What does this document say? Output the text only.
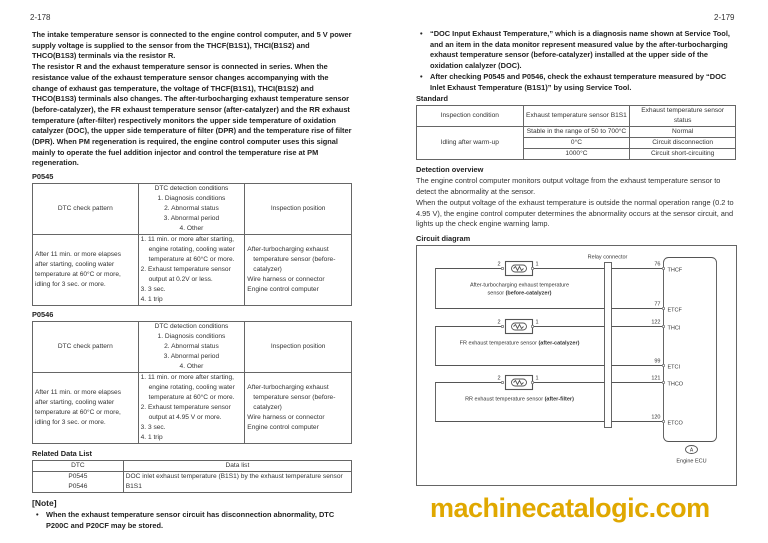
2-178	2-179

The intake temperature sensor is connected to the engine control computer, and 5 V power supply voltage is supplied to the sensor from the THCF(B1S1), THCI(B1S2) and THCO(B1S3) terminals via the resistor R.

The resistor R and the exhaust temperature sensor is connected in series. When the resistance value of the exhaust temperature sensor changes accompanying with the change of exhaust gas temperature, the voltage of THCF(B1S1), THCI(B1S2) and THCO(B1S3) terminals also changes. The after-turbocharging exhaust temperature sensor (before-catalyzer), the FR exhaust temperature sensor (after-catalyzer) and the RR exhaust temperature (after-filter) respectively monitors the upper side temperature of oxidation catalyzer (DOC), the upper side temperature of filter (DPR) and the temperature rise of filter (DPR). When PM regeneration is required, the engine control computer uses this signal mainly to operate the fuel addition injector and control the temperature rise at PM regeneration.

P0545
DTC check pattern	DTC detection conditions
1. Diagnosis conditions
2. Abnormal status
3. Abnormal period
4. Other	Inspection position
After 11 min. or more elapses after starting, cooling water temperature at 60°C or more, idling for 3 sec. or more.	1. 11 min. or more after starting, engine rotating, cooling water temperature at 60°C or more.
2. Exhaust temperature sensor output at 0.2V or less.
3. 3 sec.
4. 1 trip	After-turbocharging exhaust temperature sensor (before-catalyzer)
Wire harness or connector
Engine control computer
P0546
DTC check pattern	DTC detection conditions
1. Diagnosis conditions
2. Abnormal status
3. Abnormal period
4. Other	Inspection position
After 11 min. or more elapses after starting, cooling water temperature at 60°C or more, idling for 3 sec. or more.	1. 11 min. or more after starting, engine rotating, cooling water temperature at 60°C or more.
2. Exhaust temperature sensor output at 4.95 V or more.
3. 3 sec.
4. 1 trip	After-turbocharging exhaust temperature sensor (before-catalyzer)
Wire harness or connector
Engine control computer
Related Data List
DTC	Data list

P0545
P0546	DOC inlet exhaust temperature (B1S1) by the exhaust temperature sensor B1S1
[Note]
• When the exhaust temperature sensor circuit has disconnection abnormality, DTC P200C and P20CF may be stored.
• “DOC Input Exhaust Temperature,” which is a diagnosis name shown at Service Tool, and an item in the data monitor represent measured value by the after-turbocharging exhaust temperature sensor (before-catalyzer) installed at the upper side of the oxidation calalyzer (DOC).
• After checking P0545 and P0546, check the exhaust temperature measured by “DOC Inlet Exhaust Temperature (B1S1)” by using Service Tool.
Standard
Inspection condition	Exhaust temperature sensor B1S1	Exhaust temperature sensor status
Idling after warm-up	Stable in the range of 50 to 700°C	Normal
	0°C	Circuit disconnection
	1000°C	Circuit short-circuiting
Detection overview
The engine control computer monitors output voltage from the exhaust temperature sensor to detect the abnormality at the sensor.
When the output voltage of the exhaust temperature is outside the normal operation range (0.2 to 4.95 V), the engine control computer determines the abnormality occurs at the sensor circuit, and lights up the check engine warning lamp.
Circuit diagram
Relay connector
2	1
2	1
2	1
After-turbocharging exhaust temperature
sensor (before-catalyzer)
FR exhaust temperature sensor (after-catalyzer)
RR exhaust temperature sensor (after-filter)
76
THCF
77
ETCF
122
THCI
99
ETCI
121
THCO
120
ETCO
A
Engine ECU
machinecatalogic.com
